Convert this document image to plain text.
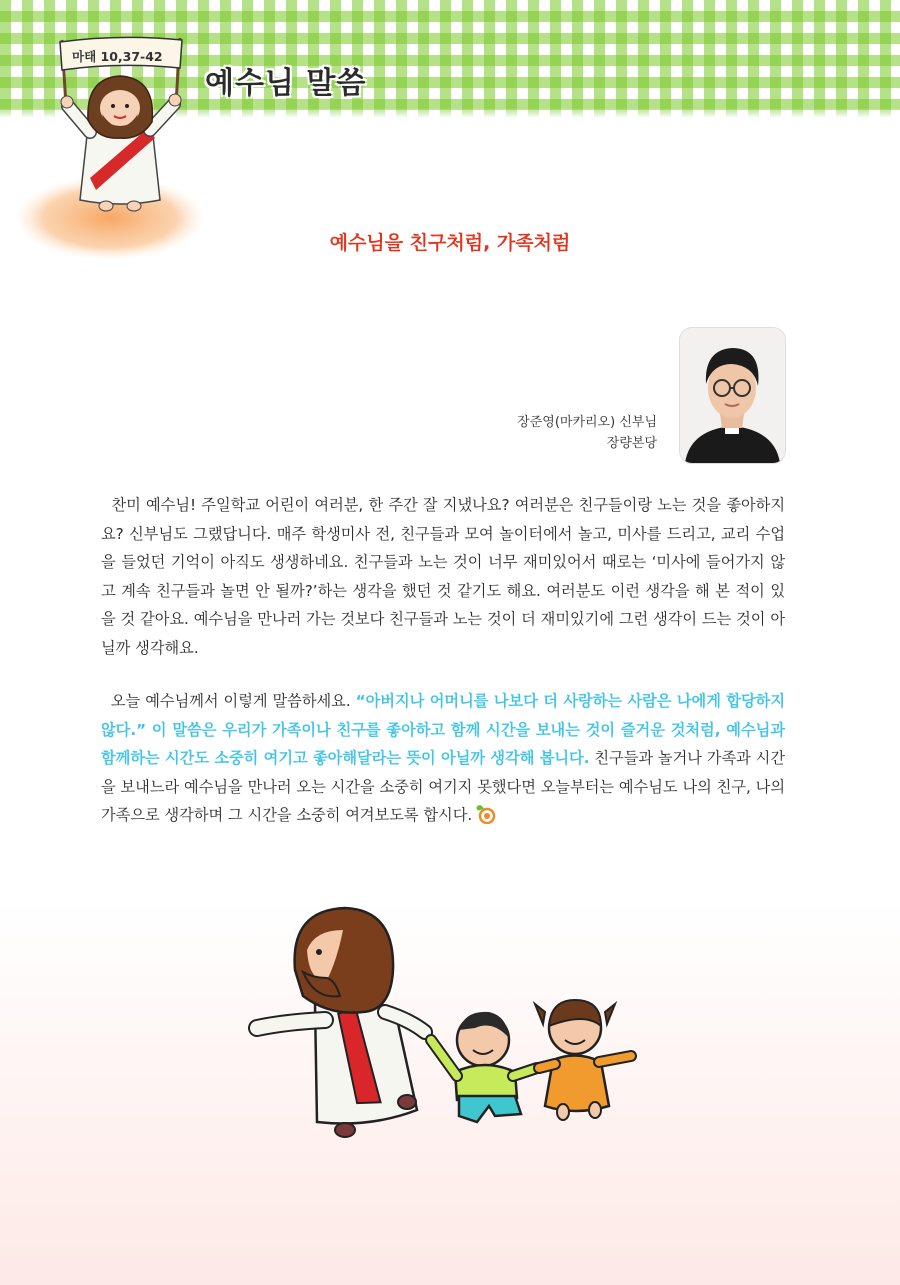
마태 10,37-42
예수님 말씀
예수님을 친구처럼, 가족처럼
장준영(마카리오) 신부님
장량본당

찬미 예수님! 주일학교 어린이 여러분, 한 주간 잘 지냈나요? 여러분은 친구들이랑 노는 것을 좋아하지요? 신부님도 그랬답니다. 매주 학생미사 전, 친구들과 모여 놀이터에서 놀고, 미사를 드리고, 교리 수업을 들었던 기억이 아직도 생생하네요. 친구들과 노는 것이 너무 재미있어서 때로는 ‘미사에 들어가지 않고 계속 친구들과 놀면 안 될까?’하는 생각을 했던 것 같기도 해요. 여러분도 이런 생각을 해 본 적이 있을 것 같아요. 예수님을 만나러 가는 것보다 친구들과 노는 것이 더 재미있기에 그런 생각이 드는 것이 아닐까 생각해요.

오늘 예수님께서 이렇게 말씀하세요. “아버지나 어머니를 나보다 더 사랑하는 사람은 나에게 합당하지 않다.” 이 말씀은 우리가 가족이나 친구를 좋아하고 함께 시간을 보내는 것이 즐거운 것처럼, 예수님과 함께하는 시간도 소중히 여기고 좋아해달라는 뜻이 아닐까 생각해 봅니다. 친구들과 놀거나 가족과 시간을 보내느라 예수님을 만나러 오는 시간을 소중히 여기지 못했다면 오늘부터는 예수님도 나의 친구, 나의 가족으로 생각하며 그 시간을 소중히 여겨보도록 합시다.
